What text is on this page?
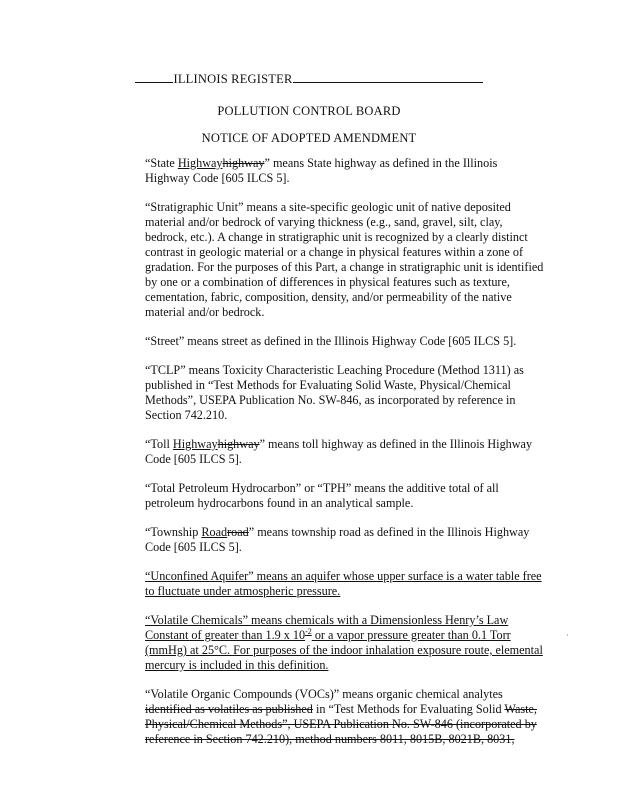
ILLINOIS REGISTER
POLLUTION CONTROL BOARD
NOTICE OF ADOPTED AMENDMENT

“State Highwayhighway” means State highway as defined in the Illinois Highway Code [605 ILCS 5].

“Stratigraphic Unit” means a site-specific geologic unit of native deposited material and/or bedrock of varying thickness (e.g., sand, gravel, silt, clay, bedrock, etc.). A change in stratigraphic unit is recognized by a clearly distinct contrast in geologic material or a change in physical features within a zone of gradation. For the purposes of this Part, a change in stratigraphic unit is identified by one or a combination of differences in physical features such as texture, cementation, fabric, composition, density, and/or permeability of the native material and/or bedrock.

“Street” means street as defined in the Illinois Highway Code [605 ILCS 5].

“TCLP” means Toxicity Characteristic Leaching Procedure (Method 1311) as published in “Test Methods for Evaluating Solid Waste, Physical/Chemical Methods”, USEPA Publication No. SW-846, as incorporated by reference in Section 742.210.

“Toll Highwayhighway” means toll highway as defined in the Illinois Highway Code [605 ILCS 5].

“Total Petroleum Hydrocarbon” or “TPH” means the additive total of all petroleum hydrocarbons found in an analytical sample.

“Township Roadroad” means township road as defined in the Illinois Highway Code [605 ILCS 5].

“Unconfined Aquifer” means an aquifer whose upper surface is a water table free to fluctuate under atmospheric pressure.

“Volatile Chemicals” means chemicals with a Dimensionless Henry’s Law Constant of greater than 1.9 x $10^{-2}$ or a vapor pressure greater than 0.1 Torr (mmHg) at 25°C. For purposes of the indoor inhalation exposure route, elemental mercury is included in this definition.

“Volatile Organic Compounds (VOCs)” means organic chemical analytes identified as volatiles as published in “Test Methods for Evaluating Solid Waste, Physical/Chemical Methods”, USEPA Publication No. SW-846 (incorporated by reference in Section 742.210), method numbers 8011, 8015B, 8021B, 8031,

·
